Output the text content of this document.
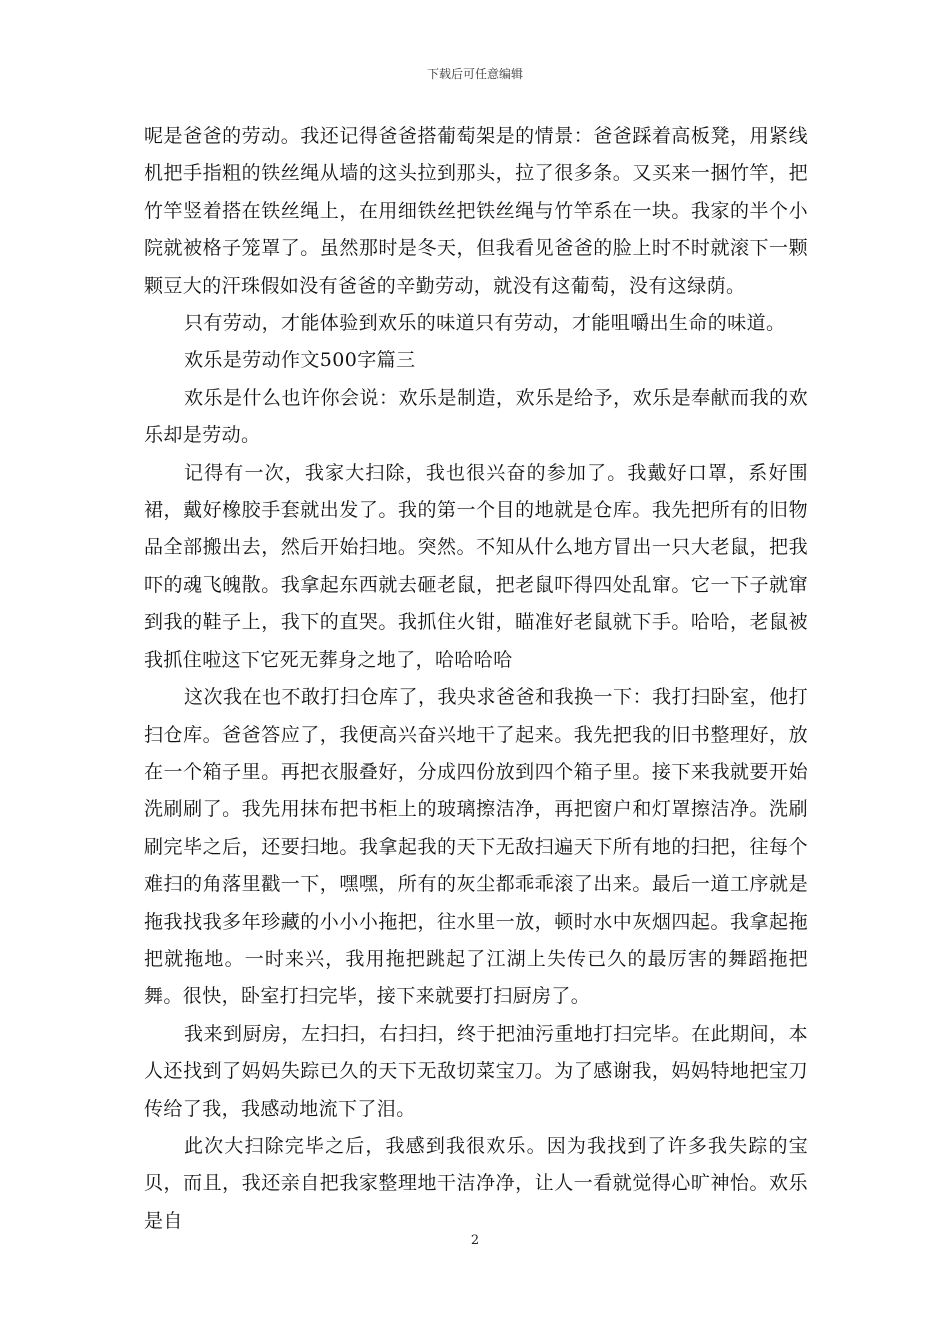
下载后可任意编辑

呢是爸爸的劳动。我还记得爸爸搭葡萄架是的情景：爸爸踩着高板凳，用紧线机把手指粗的铁丝绳从墙的这头拉到那头，拉了很多条。又买来一捆竹竿，把竹竿竖着搭在铁丝绳上，在用细铁丝把铁丝绳与竹竿系在一块。我家的半个小院就被格子笼罩了。虽然那时是冬天，但我看见爸爸的脸上时不时就滚下一颗颗豆大的汗珠假如没有爸爸的辛勤劳动，就没有这葡萄，没有这绿荫。

只有劳动，才能体验到欢乐的味道只有劳动，才能咀嚼出生命的味道。

欢乐是劳动作文500字篇三

欢乐是什么也许你会说：欢乐是制造，欢乐是给予，欢乐是奉献而我的欢乐却是劳动。

记得有一次，我家大扫除，我也很兴奋的参加了。我戴好口罩，系好围裙，戴好橡胶手套就出发了。我的第一个目的地就是仓库。我先把所有的旧物品全部搬出去，然后开始扫地。突然。不知从什么地方冒出一只大老鼠，把我吓的魂飞魄散。我拿起东西就去砸老鼠，把老鼠吓得四处乱窜。它一下子就窜到我的鞋子上，我下的直哭。我抓住火钳，瞄准好老鼠就下手。哈哈，老鼠被我抓住啦这下它死无葬身之地了，哈哈哈哈

这次我在也不敢打扫仓库了，我央求爸爸和我换一下：我打扫卧室，他打扫仓库。爸爸答应了，我便高兴奋兴地干了起来。我先把我的旧书整理好，放在一个箱子里。再把衣服叠好，分成四份放到四个箱子里。接下来我就要开始洗刷刷了。我先用抹布把书柜上的玻璃擦洁净，再把窗户和灯罩擦洁净。洗刷刷完毕之后，还要扫地。我拿起我的天下无敌扫遍天下所有地的扫把，往每个难扫的角落里戳一下，嘿嘿，所有的灰尘都乖乖滚了出来。最后一道工序就是拖我找我多年珍藏的小小小拖把，往水里一放，顿时水中灰烟四起。我拿起拖把就拖地。一时来兴，我用拖把跳起了江湖上失传已久的最厉害的舞蹈拖把舞。很快，卧室打扫完毕，接下来就要打扫厨房了。

我来到厨房，左扫扫，右扫扫，终于把油污重地打扫完毕。在此期间，本人还找到了妈妈失踪已久的天下无敌切菜宝刀。为了感谢我，妈妈特地把宝刀传给了我，我感动地流下了泪。

此次大扫除完毕之后，我感到我很欢乐。因为我找到了许多我失踪的宝贝，而且，我还亲自把我家整理地干洁净净，让人一看就觉得心旷神怡。欢乐是自

2
